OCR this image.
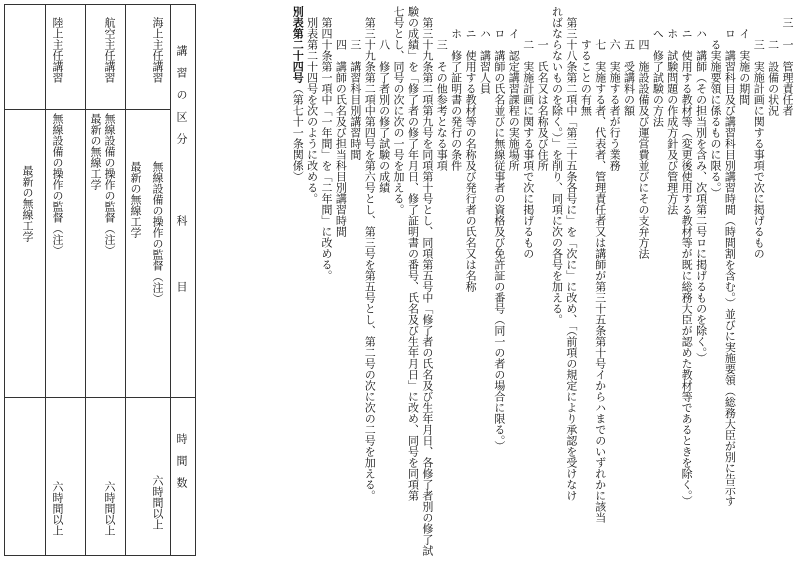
三　一　管理責任者
　　二　設備の状況
　　三　実施計画に関する事項で次に掲げるもの
イ　実施の期間
ロ　講習科目及び講習科目別講習時間（時間割を含む。）並びに実施要領（総務大臣が別に告示す
る実施要領に係るものに限る。）
ハ　講師（その担当別を含み、次項第二号ロに掲げるものを除く。）
ニ　使用する教材等（変更後使用する教材等が既に総務大臣が認めた教材等であるときを除く。）
ホ　試験問題の作成方針及び管理方法
へ　修了試験の方法
　　四　施設設備及び運営費並びにその支弁方法
　　五　受講料の額
　　六　実施する者が行う業務
　　七　実施する者、代表者、管理責任者又は講師が第三十五条第十号イからハまでのいずれかに該当
　　　することの有無
　第三十八条第二項中「第三十五条各号に」を「次に」に改め、「（前項の規定により承認を受けなけ
ればならないものを除く。）」を削り、同項に次の各号を加える。
　　一　氏名又は名称及び住所
　　二　実施計画に関する事項で次に掲げるもの
イ　認定講習課程の実施場所
ロ　講師の氏名並びに無線従事者の資格及び免許証の番号（同一の者の場合に限る。）
ハ　講習人員
ニ　使用する教材等の名称及び発行者の氏名又は名称
ホ　修了証明書の発行の条件
　　三　その他参考となる事項
　第三十九条第二項第九号を同項第十号とし、同項第五号中「修了者の氏名及び生年月日、各修了者別の修了試
験の成績」を「修了者の修了年月日、修了証明書の番号、氏名及び生年月日」に改め、同号を同項第
七号とし、同号の次に次の一号を加える。
　　八　修了者別の修了試験の成績
　第三十九条第二項中第四号を第六号とし、第三号を第五号とし、第二号の次に次の二号を加える。
　　三　講習科目別講習時間
　　四　講師の氏名及び担当科目別講習時間
　第四十条第一項中「一年間」を「二年間」に改める。
　別表第二十四号を次のように改める。
別表第二十四号（第七十一条関係）
講　習　の　区　分
科　　　　　目
時　間　数
海上主任講習
無線設備の操作の監督（注）
最新の無線工学
六時間以上
航空主任講習
無線設備の操作の監督（注）
最新の無線工学
六時間以上
陸上主任講習
無線設備の操作の監督（注）
最新の無線工学
六時間以上
